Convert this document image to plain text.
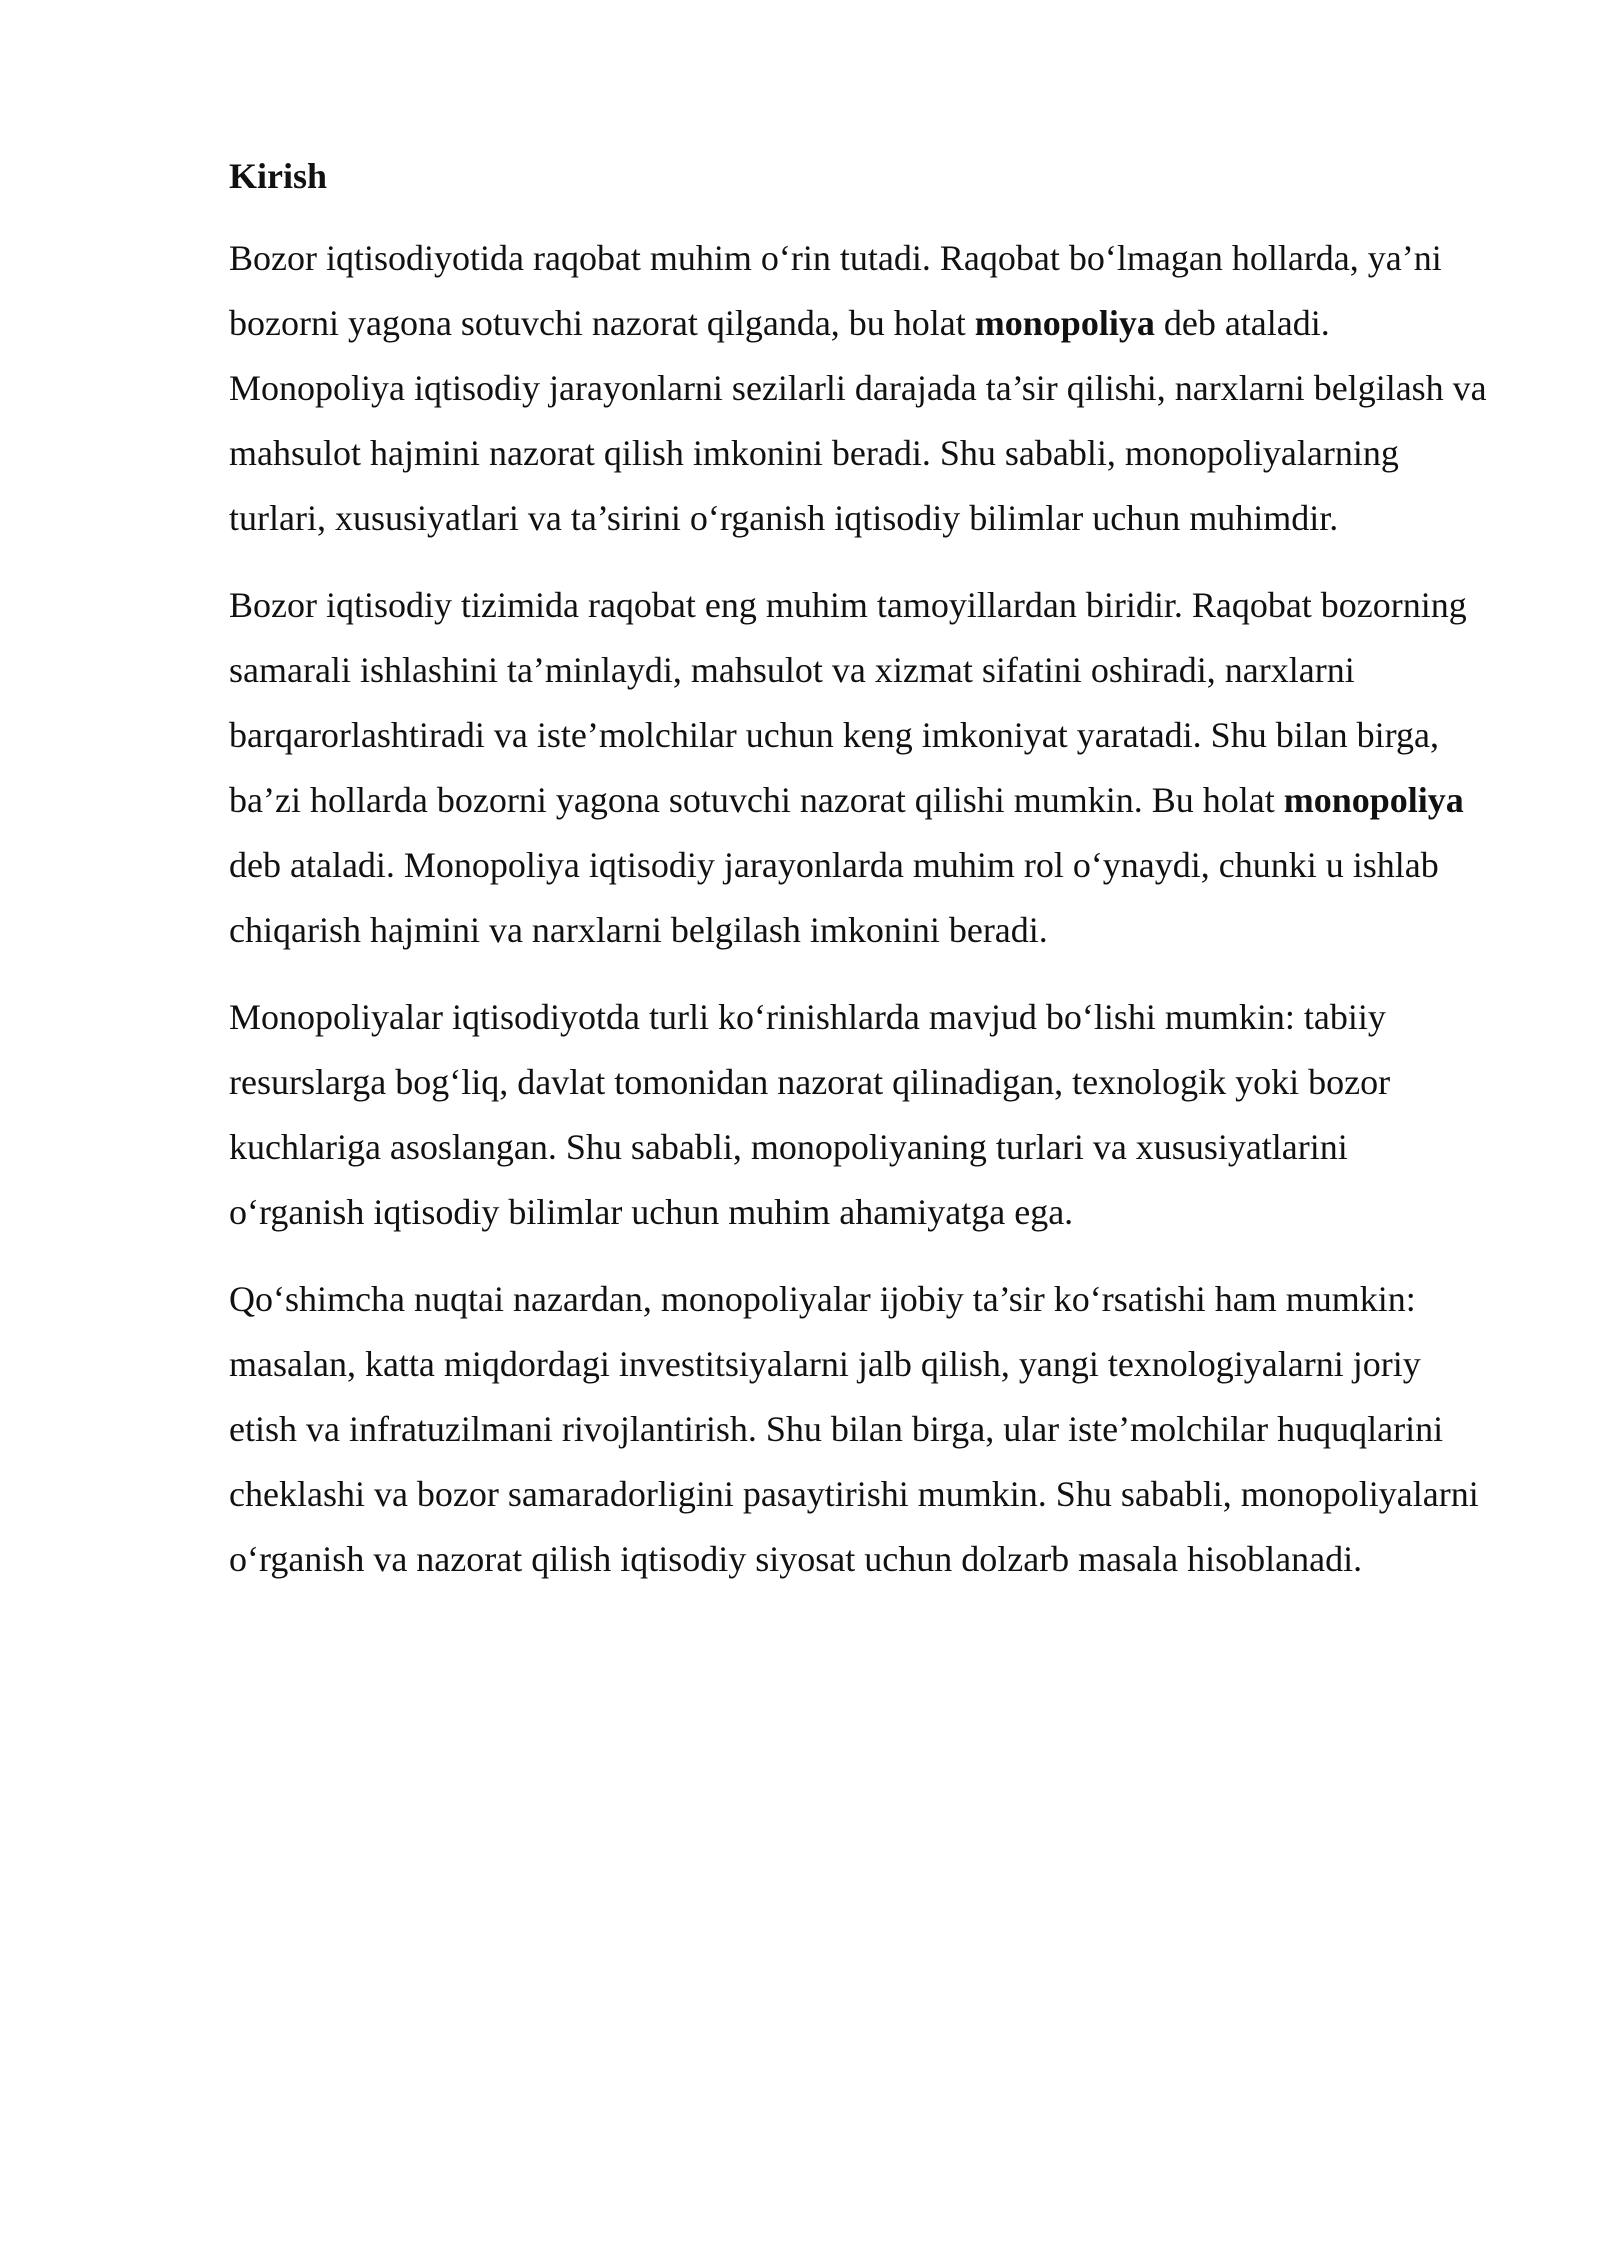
Kirish

Bozor iqtisodiyotida raqobat muhim o‘rin tutadi. Raqobat bo‘lmagan hollarda, ya’ni bozorni yagona sotuvchi nazorat qilganda, bu holat monopoliya deb ataladi. Monopoliya iqtisodiy jarayonlarni sezilarli darajada ta’sir qilishi, narxlarni belgilash va mahsulot hajmini nazorat qilish imkonini beradi. Shu sababli, monopoliyalarning turlari, xususiyatlari va ta’sirini o‘rganish iqtisodiy bilimlar uchun muhimdir.

Bozor iqtisodiy tizimida raqobat eng muhim tamoyillardan biridir. Raqobat bozorning samarali ishlashini ta’minlaydi, mahsulot va xizmat sifatini oshiradi, narxlarni barqarorlashtiradi va iste’molchilar uchun keng imkoniyat yaratadi. Shu bilan birga, ba’zi hollarda bozorni yagona sotuvchi nazorat qilishi mumkin. Bu holat monopoliya deb ataladi. Monopoliya iqtisodiy jarayonlarda muhim rol o‘ynaydi, chunki u ishlab chiqarish hajmini va narxlarni belgilash imkonini beradi.

Monopoliyalar iqtisodiyotda turli ko‘rinishlarda mavjud bo‘lishi mumkin: tabiiy resurslarga bog‘liq, davlat tomonidan nazorat qilinadigan, texnologik yoki bozor kuchlariga asoslangan. Shu sababli, monopoliyaning turlari va xususiyatlarini o‘rganish iqtisodiy bilimlar uchun muhim ahamiyatga ega.

Qo‘shimcha nuqtai nazardan, monopoliyalar ijobiy ta’sir ko‘rsatishi ham mumkin: masalan, katta miqdordagi investitsiyalarni jalb qilish, yangi texnologiyalarni joriy etish va infratuzilmani rivojlantirish. Shu bilan birga, ular iste’molchilar huquqlarini cheklashi va bozor samaradorligini pasaytirishi mumkin. Shu sababli, monopoliyalarni o‘rganish va nazorat qilish iqtisodiy siyosat uchun dolzarb masala hisoblanadi.
